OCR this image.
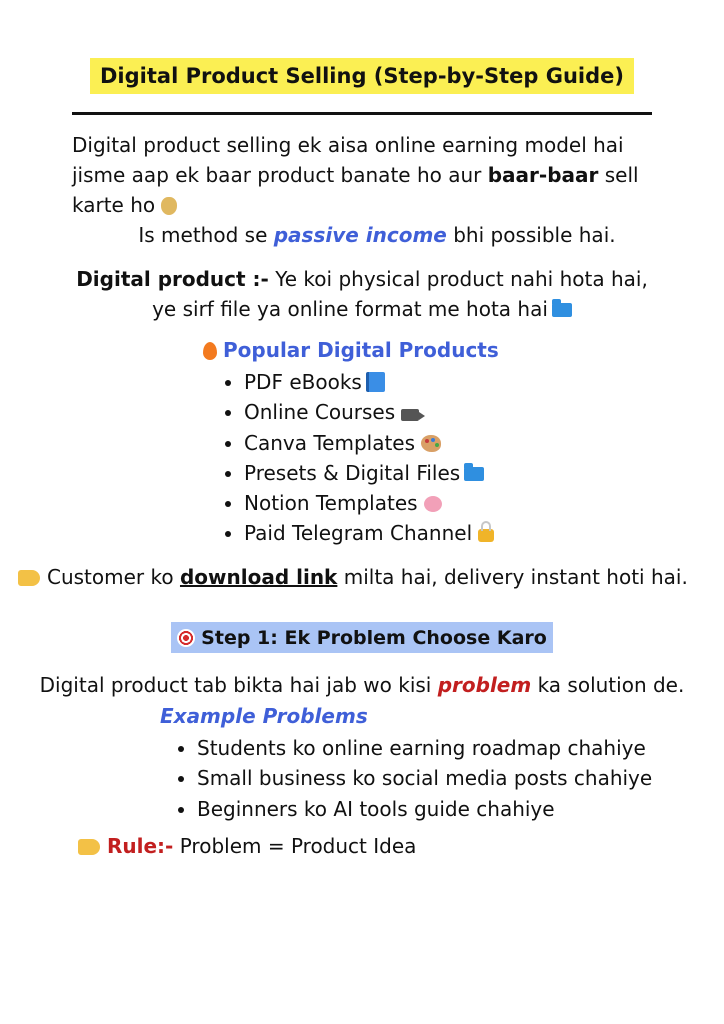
Digital Product Selling (Step-by-Step Guide)
Digital product selling ek aisa online earning model hai
jisme aap ek baar product banate ho aur baar-baar sell
karte ho
Is method se passive income bhi possible hai.
Digital product :- Ye koi physical product nahi hota hai,
ye sirf file ya online format me hota hai
Popular Digital Products
• PDF eBooks
• Online Courses
• Canva Templates
• Presets & Digital Files
• Notion Templates
• Paid Telegram Channel
Customer ko download link milta hai, delivery instant hoti hai.
Step 1: Ek Problem Choose Karo
Digital product tab bikta hai jab wo kisi problem ka solution de.
Example Problems
• Students ko online earning roadmap chahiye
• Small business ko social media posts chahiye
• Beginners ko AI tools guide chahiye
Rule:- Problem = Product Idea
